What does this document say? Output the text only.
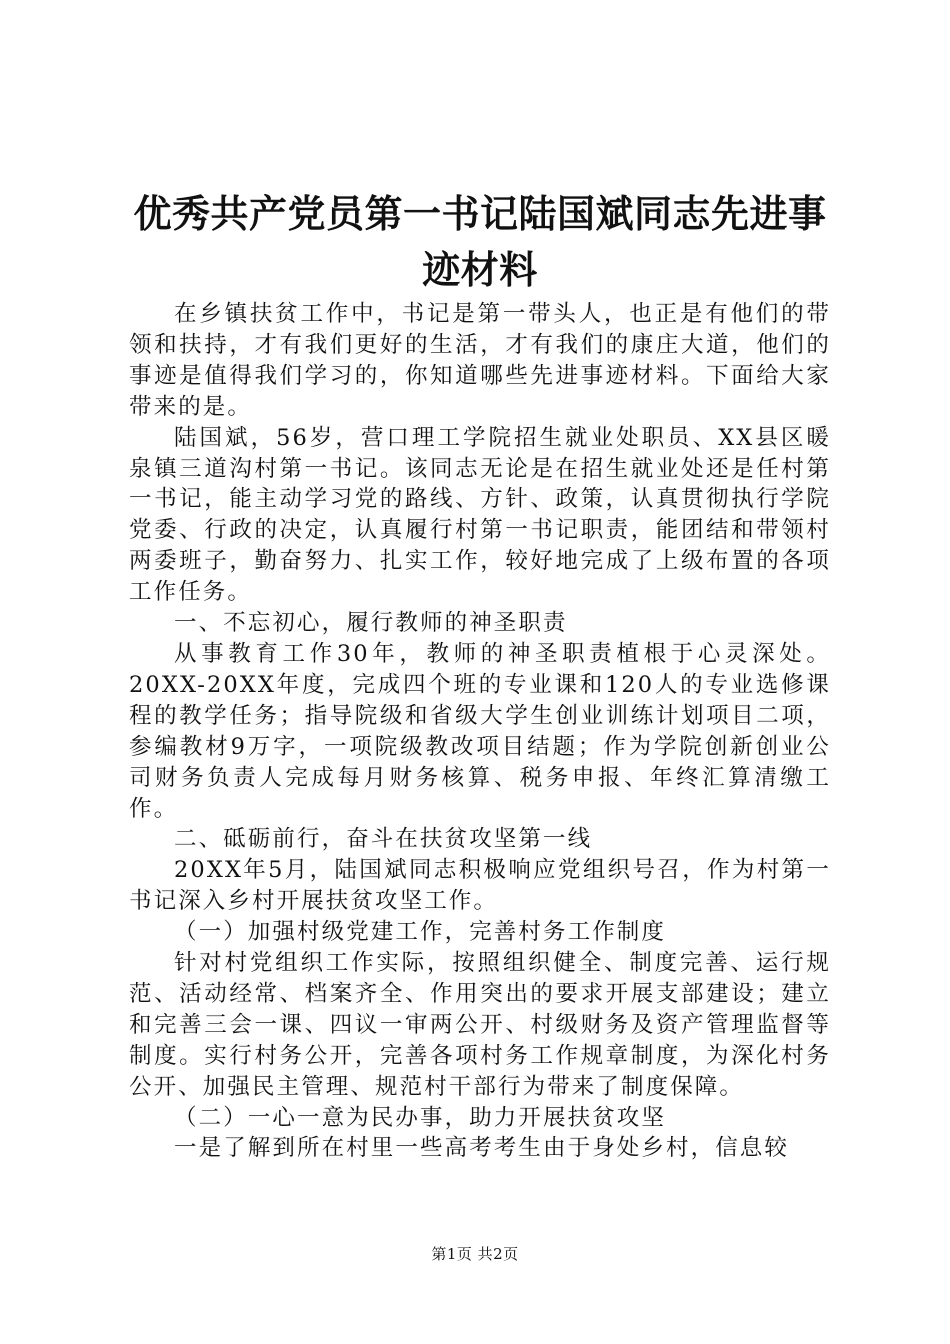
优秀共产党员第一书记陆国斌同志先进事迹材料

在乡镇扶贫工作中，书记是第一带头人，也正是有他们的带领和扶持，才有我们更好的生活，才有我们的康庄大道，他们的事迹是值得我们学习的，你知道哪些先进事迹材料。下面给大家带来的是。

陆国斌，56岁，营口理工学院招生就业处职员、XX县区暖泉镇三道沟村第一书记。该同志无论是在招生就业处还是任村第一书记，能主动学习党的路线、方针、政策，认真贯彻执行学院党委、行政的决定，认真履行村第一书记职责，能团结和带领村两委班子，勤奋努力、扎实工作，较好地完成了上级布置的各项工作任务。

一、不忘初心，履行教师的神圣职责

从事教育工作30年，教师的神圣职责植根于心灵深处。20XX-20XX年度，完成四个班的专业课和120人的专业选修课程的教学任务；指导院级和省级大学生创业训练计划项目二项，参编教材9万字，一项院级教改项目结题；作为学院创新创业公司财务负责人完成每月财务核算、税务申报、年终汇算清缴工作。

二、砥砺前行，奋斗在扶贫攻坚第一线

20XX年5月，陆国斌同志积极响应党组织号召，作为村第一书记深入乡村开展扶贫攻坚工作。

（一）加强村级党建工作，完善村务工作制度

针对村党组织工作实际，按照组织健全、制度完善、运行规范、活动经常、档案齐全、作用突出的要求开展支部建设；建立和完善三会一课、四议一审两公开、村级财务及资产管理监督等制度。实行村务公开，完善各项村务工作规章制度，为深化村务公开、加强民主管理、规范村干部行为带来了制度保障。

（二）一心一意为民办事，助力开展扶贫攻坚

一是了解到所在村里一些高考考生由于身处乡村，信息较

第1页 共2页
